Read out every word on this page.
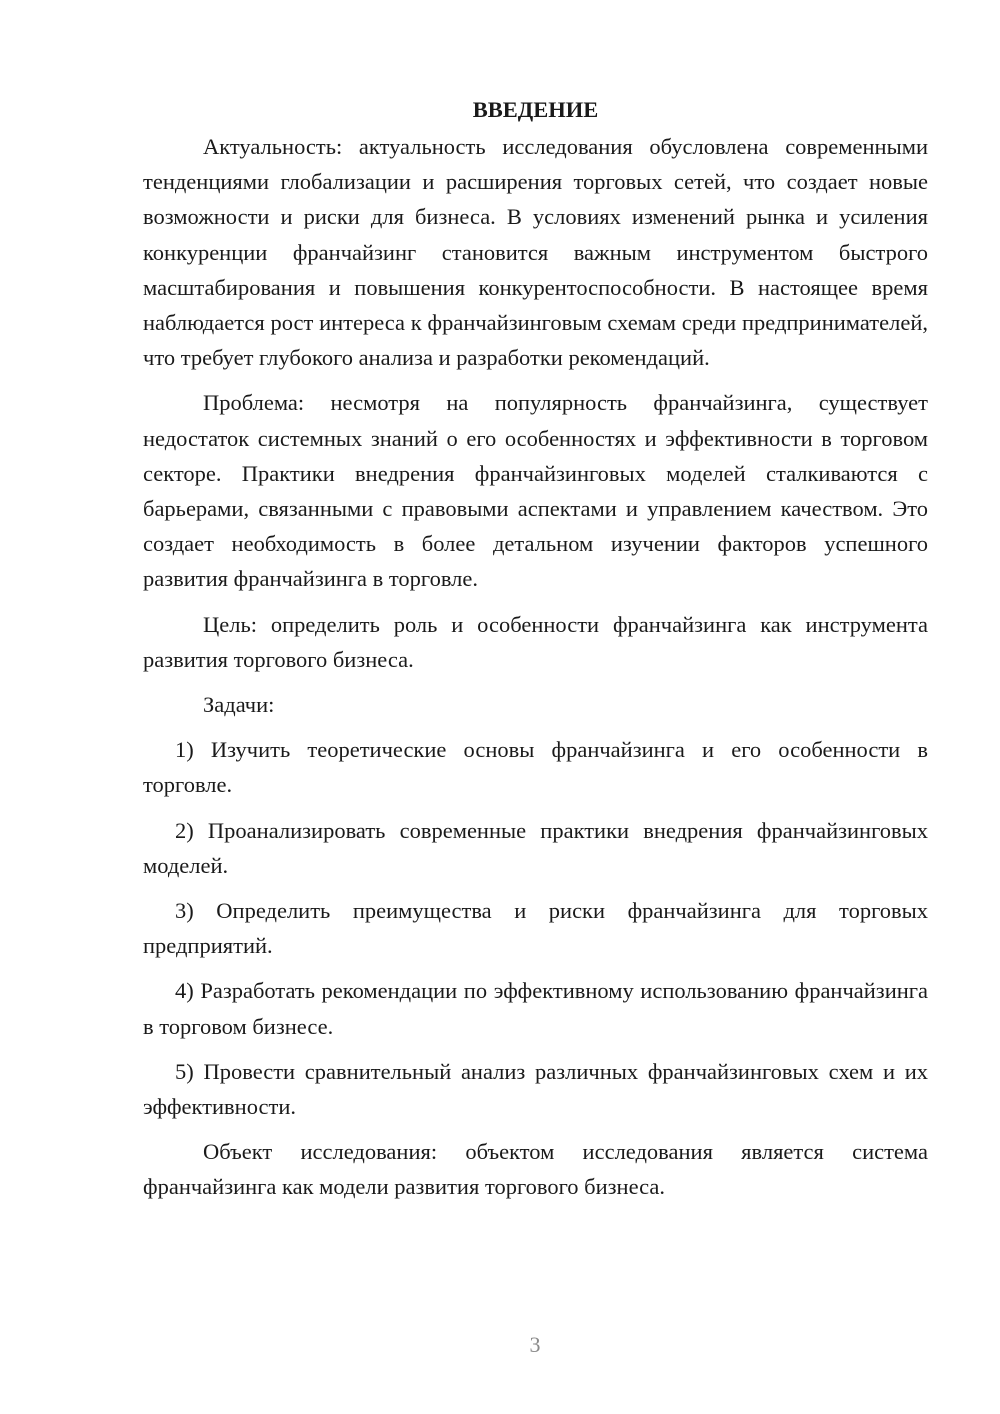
ВВЕДЕНИЕ

Актуальность: актуальность исследования обусловлена современными тенденциями глобализации и расширения торговых сетей, что создает новые возможности и риски для бизнеса. В условиях изменений рынка и усиления конкуренции франчайзинг становится важным инструментом быстрого масштабирования и повышения конкурентоспособности. В настоящее время наблюдается рост интереса к франчайзинговым схемам среди предпринимателей, что требует глубокого анализа и разработки рекомендаций.

Проблема: несмотря на популярность франчайзинга, существует недостаток системных знаний о его особенностях и эффективности в торговом секторе. Практики внедрения франчайзинговых моделей сталкиваются с барьерами, связанными с правовыми аспектами и управлением качеством. Это создает необходимость в более детальном изучении факторов успешного развития франчайзинга в торговле.

Цель: определить роль и особенности франчайзинга как инструмента развития торгового бизнеса.

Задачи:

1) Изучить теоретические основы франчайзинга и его особенности в торговле.

2) Проанализировать современные практики внедрения франчайзинговых моделей.

3) Определить преимущества и риски франчайзинга для торговых предприятий.

4) Разработать рекомендации по эффективному использованию франчайзинга в торговом бизнесе.

5) Провести сравнительный анализ различных франчайзинговых схем и их эффективности.

Объект исследования: объектом исследования является система франчайзинга как модели развития торгового бизнеса.

3
